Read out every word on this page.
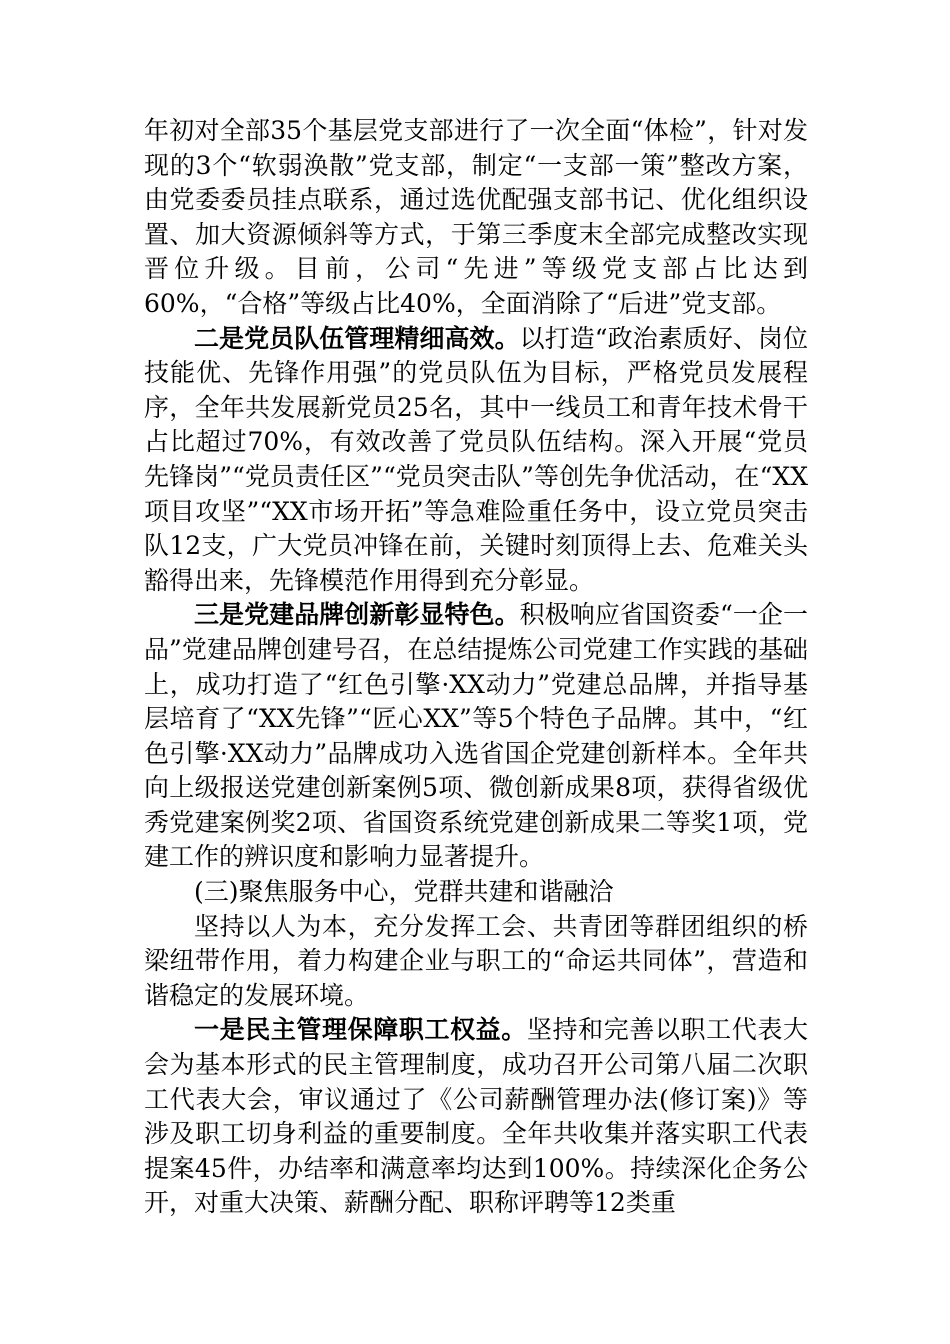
年初对全部35个基层党支部进行了一次全面“体检”，针对发现的3个“软弱涣散”党支部，制定“一支部一策”整改方案，由党委委员挂点联系，通过选优配强支部书记、优化组织设置、加大资源倾斜等方式，于第三季度末全部完成整改实现晋位升级。目前，公司“先进”等级党支部占比达到60%，“合格”等级占比40%，全面消除了“后进”党支部。

二是党员队伍管理精细高效。以打造“政治素质好、岗位技能优、先锋作用强”的党员队伍为目标，严格党员发展程序，全年共发展新党员25名，其中一线员工和青年技术骨干占比超过70%，有效改善了党员队伍结构。深入开展“党员先锋岗”“党员责任区”“党员突击队”等创先争优活动，在“XX项目攻坚”“XX市场开拓”等急难险重任务中，设立党员突击队12支，广大党员冲锋在前，关键时刻顶得上去、危难关头豁得出来，先锋模范作用得到充分彰显。

三是党建品牌创新彰显特色。积极响应省国资委“一企一品”党建品牌创建号召，在总结提炼公司党建工作实践的基础上，成功打造了“红色引擎·XX动力”党建总品牌，并指导基层培育了“XX先锋”“匠心XX”等5个特色子品牌。其中，“红色引擎·XX动力”品牌成功入选省国企党建创新样本。全年共向上级报送党建创新案例5项、微创新成果8项，获得省级优秀党建案例奖2项、省国资系统党建创新成果二等奖1项，党建工作的辨识度和影响力显著提升。

(三)聚焦服务中心，党群共建和谐融洽

坚持以人为本，充分发挥工会、共青团等群团组织的桥梁纽带作用，着力构建企业与职工的“命运共同体”，营造和谐稳定的发展环境。

一是民主管理保障职工权益。坚持和完善以职工代表大会为基本形式的民主管理制度，成功召开公司第八届二次职工代表大会，审议通过了《公司薪酬管理办法(修订案)》等涉及职工切身利益的重要制度。全年共收集并落实职工代表提案45件，办结率和满意率均达到100%。持续深化企务公开，对重大决策、薪酬分配、职称评聘等12类重
